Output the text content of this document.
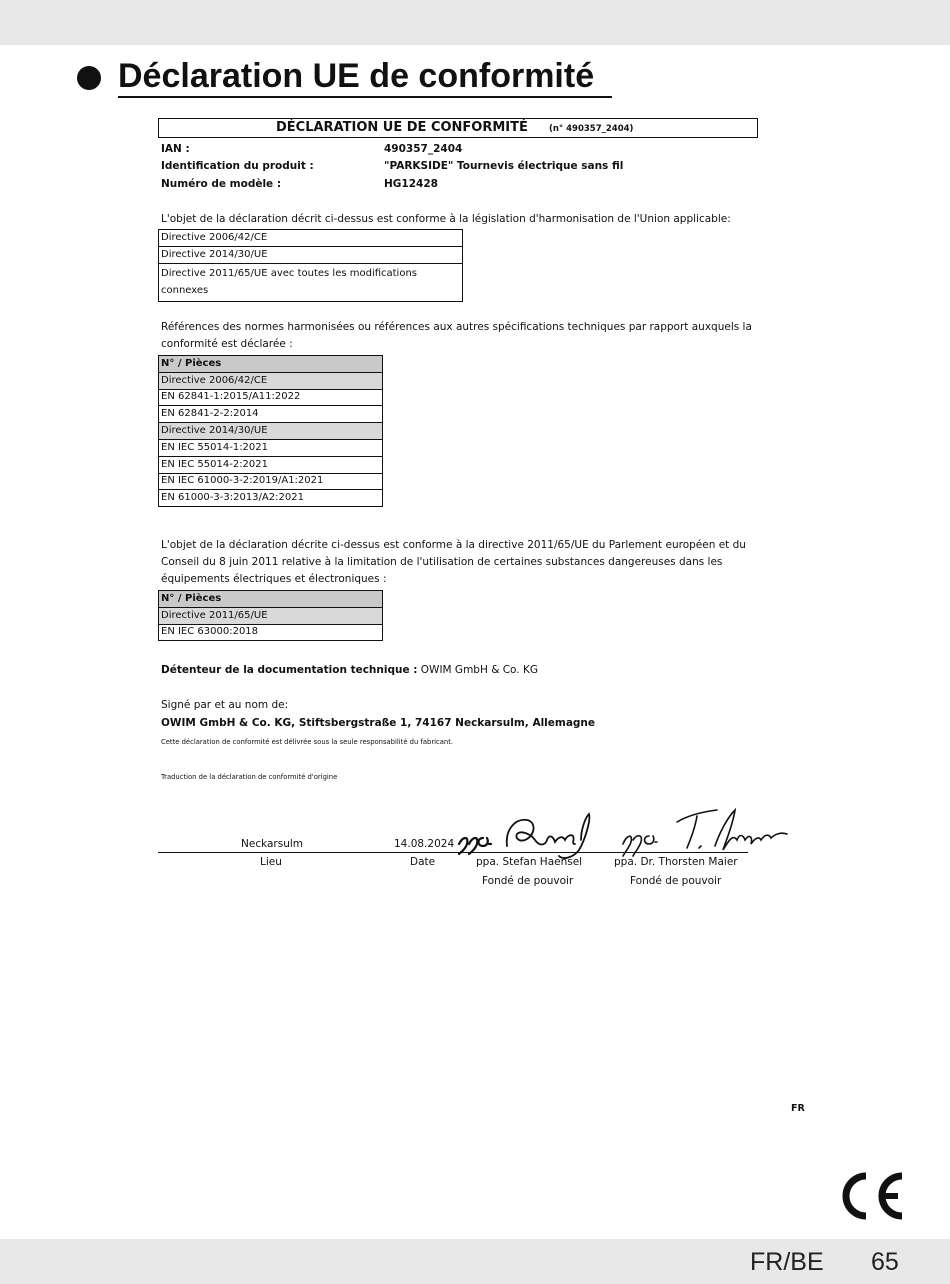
Déclaration UE de conformité
DÉCLARATION UE DE CONFORMITÉ (n° 490357_2404)
IAN :	490357_2404
Identification du produit :	"PARKSIDE" Tournevis électrique sans fil
Numéro de modèle :	HG12428
L'objet de la déclaration décrit ci-dessus est conforme à la législation d'harmonisation de l'Union applicable:
Directive 2006/42/CE
Directive 2014/30/UE

Directive 2011/65/UE avec toutes les modifications
connexes
Références des normes harmonisées ou références aux autres spécifications techniques par rapport auxquels la
conformité est déclarée :
N° / Pièces
Directive 2006/42/CE
EN 62841-1:2015/A11:2022
EN 62841-2-2:2014
Directive 2014/30/UE
EN IEC 55014-1:2021
EN IEC 55014-2:2021
EN IEC 61000-3-2:2019/A1:2021
EN 61000-3-3:2013/A2:2021
L'objet de la déclaration décrite ci-dessus est conforme à la directive 2011/65/UE du Parlement européen et du
Conseil du 8 juin 2011 relative à la limitation de l'utilisation de certaines substances dangereuses dans les
équipements électriques et électroniques :
N° / Pièces
Directive 2011/65/UE
EN IEC 63000:2018
Détenteur de la documentation technique : OWIM GmbH & Co. KG
Signé par et au nom de:
OWIM GmbH & Co. KG, Stiftsbergstraße 1, 74167 Neckarsulm, Allemagne
Cette déclaration de conformité est délivrée sous la seule responsabilité du fabricant.
Traduction de la déclaration de conformité d'origine
Neckarsulm	14.08.2024
Lieu	Date	ppa. Stefan Haensel	ppa. Dr. Thorsten Maier
Fondé de pouvoir	Fondé de pouvoir
FR
FR/BE 65
